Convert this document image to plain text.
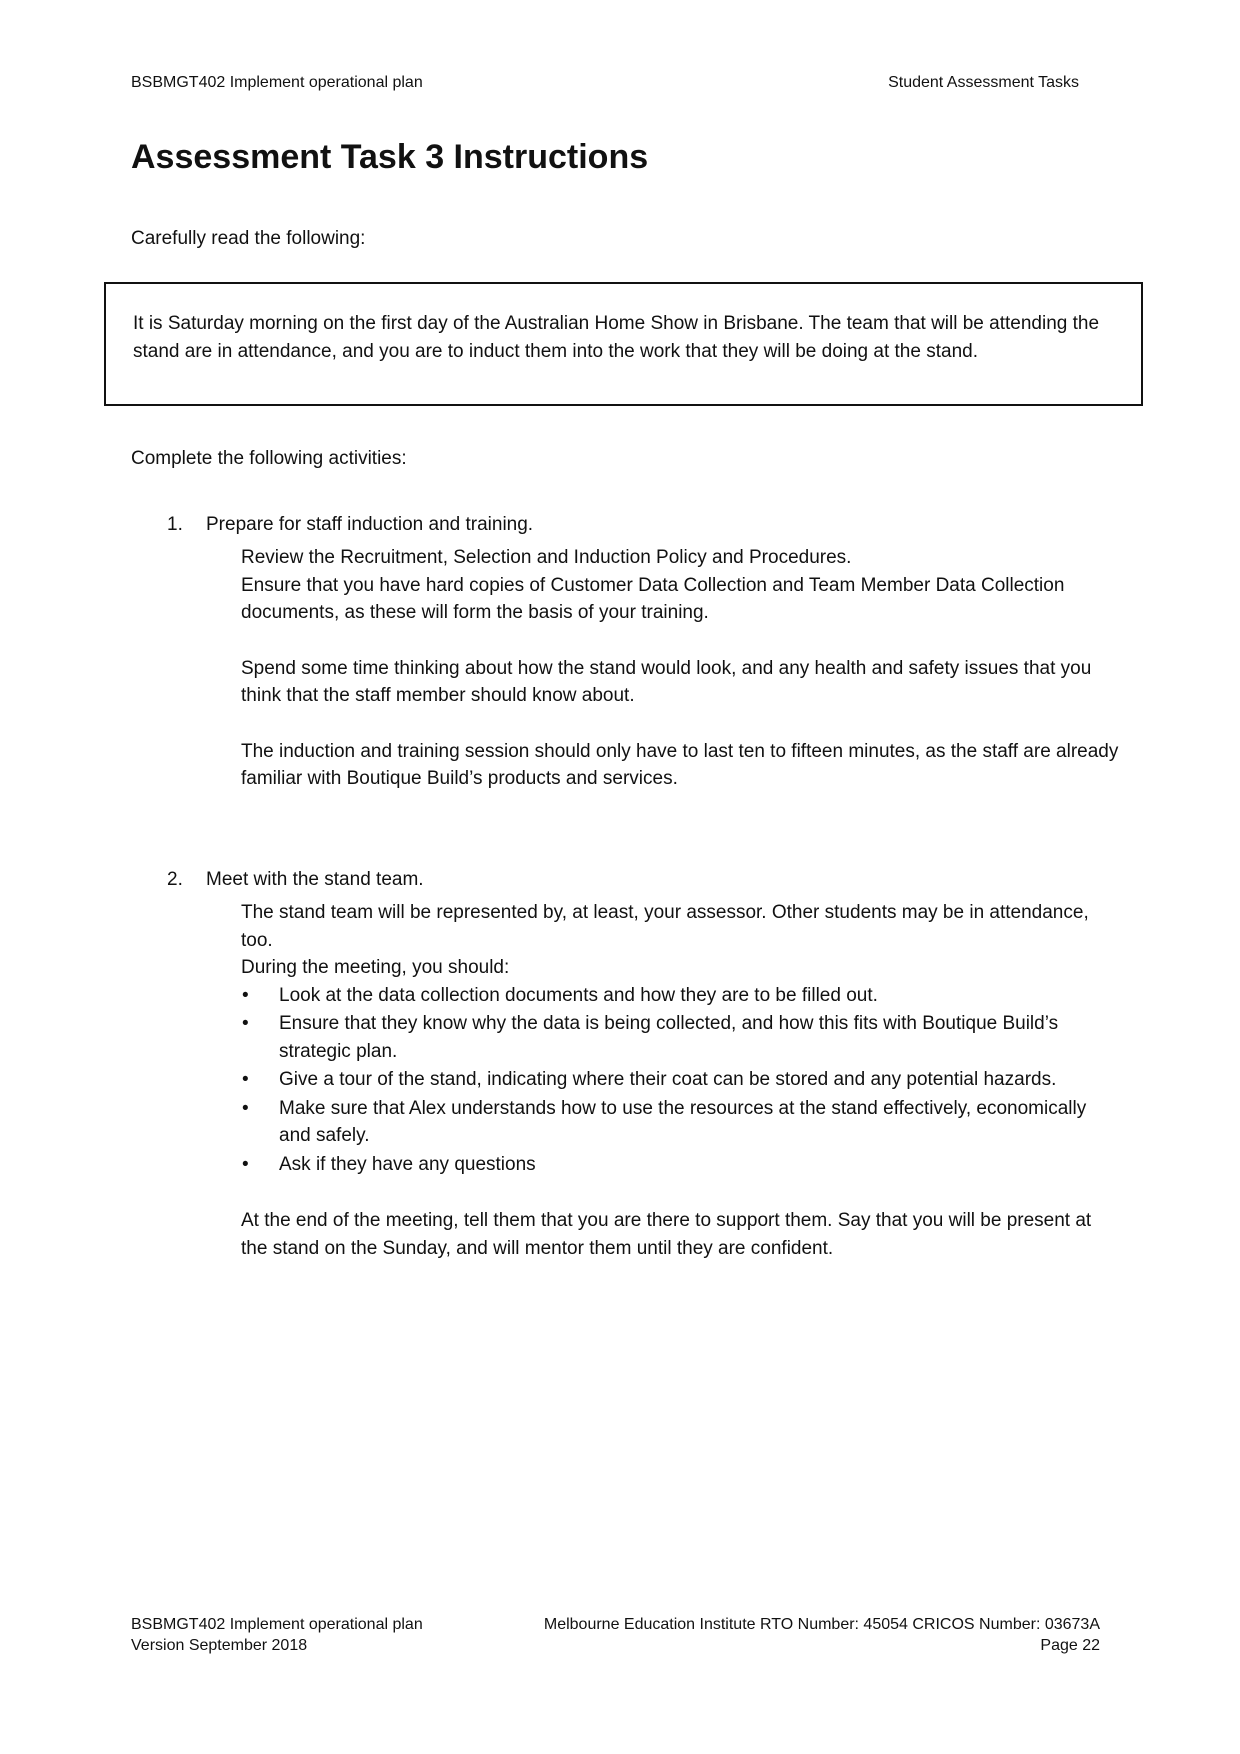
BSBMGT402 Implement operational plan	Student Assessment Tasks
Assessment Task 3 Instructions
Carefully read the following:
It is Saturday morning on the first day of the Australian Home Show in Brisbane. The team that will be attending the stand are in attendance, and you are to induct them into the work that they will be doing at the stand.
Complete the following activities:
1.	Prepare for staff induction and training.

Review the Recruitment, Selection and Induction Policy and Procedures.

Ensure that you have hard copies of Customer Data Collection and Team Member Data Collection documents, as these will form the basis of your training.

Spend some time thinking about how the stand would look, and any health and safety issues that you think that the staff member should know about.

The induction and training session should only have to last ten to fifteen minutes, as the staff are already familiar with Boutique Build’s products and services.

2.	Meet with the stand team.

The stand team will be represented by, at least, your assessor. Other students may be in attendance, too.

During the meeting, you should:

• Look at the data collection documents and how they are to be filled out.
• Ensure that they know why the data is being collected, and how this fits with Boutique Build’s strategic plan.
• Give a tour of the stand, indicating where their coat can be stored and any potential hazards.
• Make sure that Alex understands how to use the resources at the stand effectively, economically and safely.
• Ask if they have any questions

At the end of the meeting, tell them that you are there to support them. Say that you will be present at the stand on the Sunday, and will mentor them until they are confident.

BSBMGT402 Implement operational plan
Version September 2018
Melbourne Education Institute RTO Number: 45054 CRICOS Number: 03673A
Page 22
